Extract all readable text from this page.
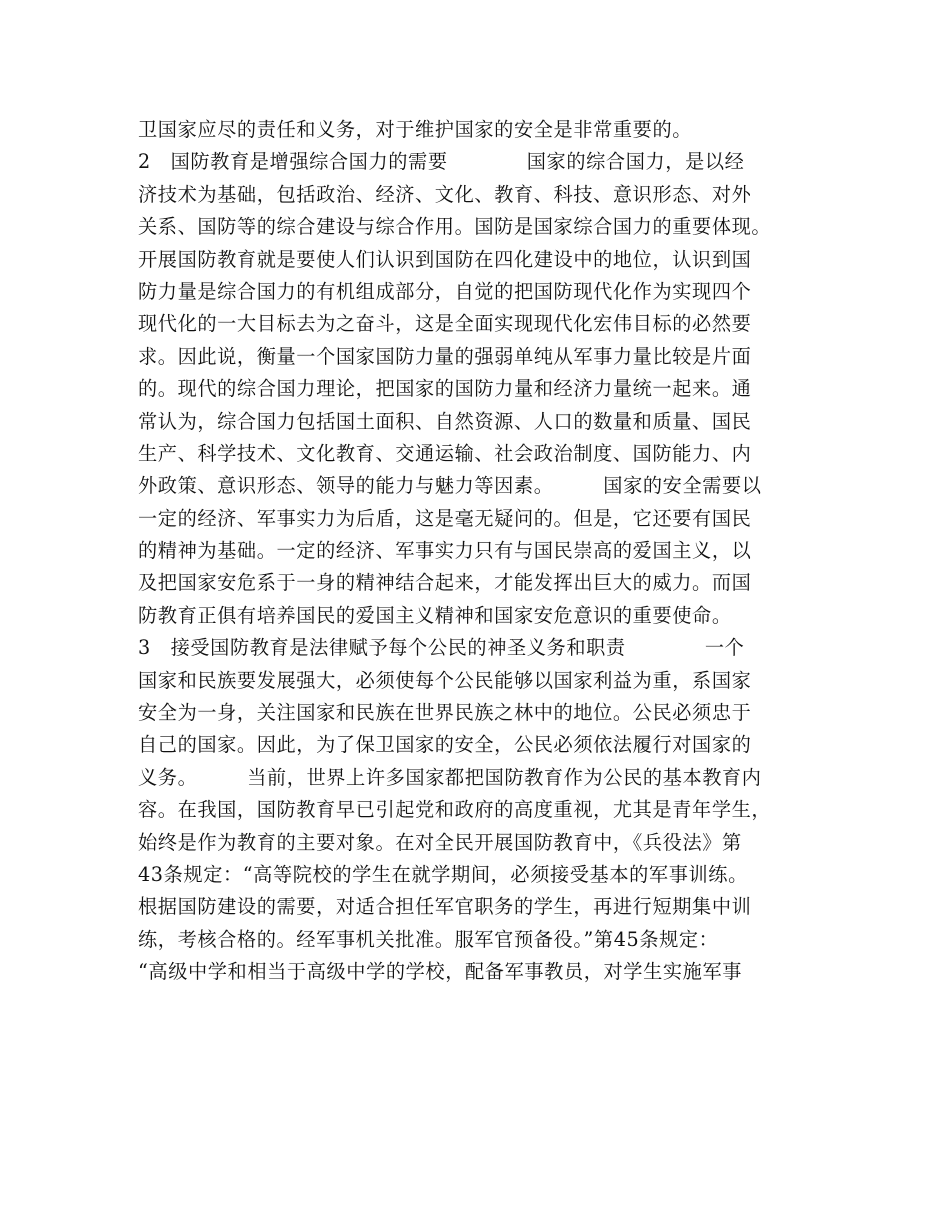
卫国家应尽的责任和义务，对于维护国家的安全是非常重要的。
2　国防教育是增强综合国力的需要　　　　国家的综合国力，是以经
济技术为基础，包括政治、经济、文化、教育、科技、意识形态、对外
关系、国防等的综合建设与综合作用。国防是国家综合国力的重要体现。
开展国防教育就是要使人们认识到国防在四化建设中的地位，认识到国
防力量是综合国力的有机组成部分，自觉的把国防现代化作为实现四个
现代化的一大目标去为之奋斗，这是全面实现现代化宏伟目标的必然要
求。因此说，衡量一个国家国防力量的强弱单纯从军事力量比较是片面
的。现代的综合国力理论，把国家的国防力量和经济力量统一起来。通
常认为，综合国力包括国土面积、自然资源、人口的数量和质量、国民
生产、科学技术、文化教育、交通运输、社会政治制度、国防能力、内
外政策、意识形态、领导的能力与魅力等因素。　　　国家的安全需要以
一定的经济、军事实力为后盾，这是毫无疑问的。但是，它还要有国民
的精神为基础。一定的经济、军事实力只有与国民崇高的爱国主义，以
及把国家安危系于一身的精神结合起来，才能发挥出巨大的威力。而国
防教育正俱有培养国民的爱国主义精神和国家安危意识的重要使命。
3　接受国防教育是法律赋予每个公民的神圣义务和职责　　　　一个
国家和民族要发展强大，必须使每个公民能够以国家利益为重，系国家
安全为一身，关注国家和民族在世界民族之林中的地位。公民必须忠于
自己的国家。因此，为了保卫国家的安全，公民必须依法履行对国家的
义务。　　　当前，世界上许多国家都把国防教育作为公民的基本教育内
容。在我国，国防教育早已引起党和政府的高度重视，尤其是青年学生，
始终是作为教育的主要对象。在对全民开展国防教育中，《兵役法》第
43条规定：“高等院校的学生在就学期间，必须接受基本的军事训练。
根据国防建设的需要，对适合担任军官职务的学生，再进行短期集中训
练，考核合格的。经军事机关批准。服军官预备役。”第45条规定：
“高级中学和相当于高级中学的学校，配备军事教员，对学生实施军事
